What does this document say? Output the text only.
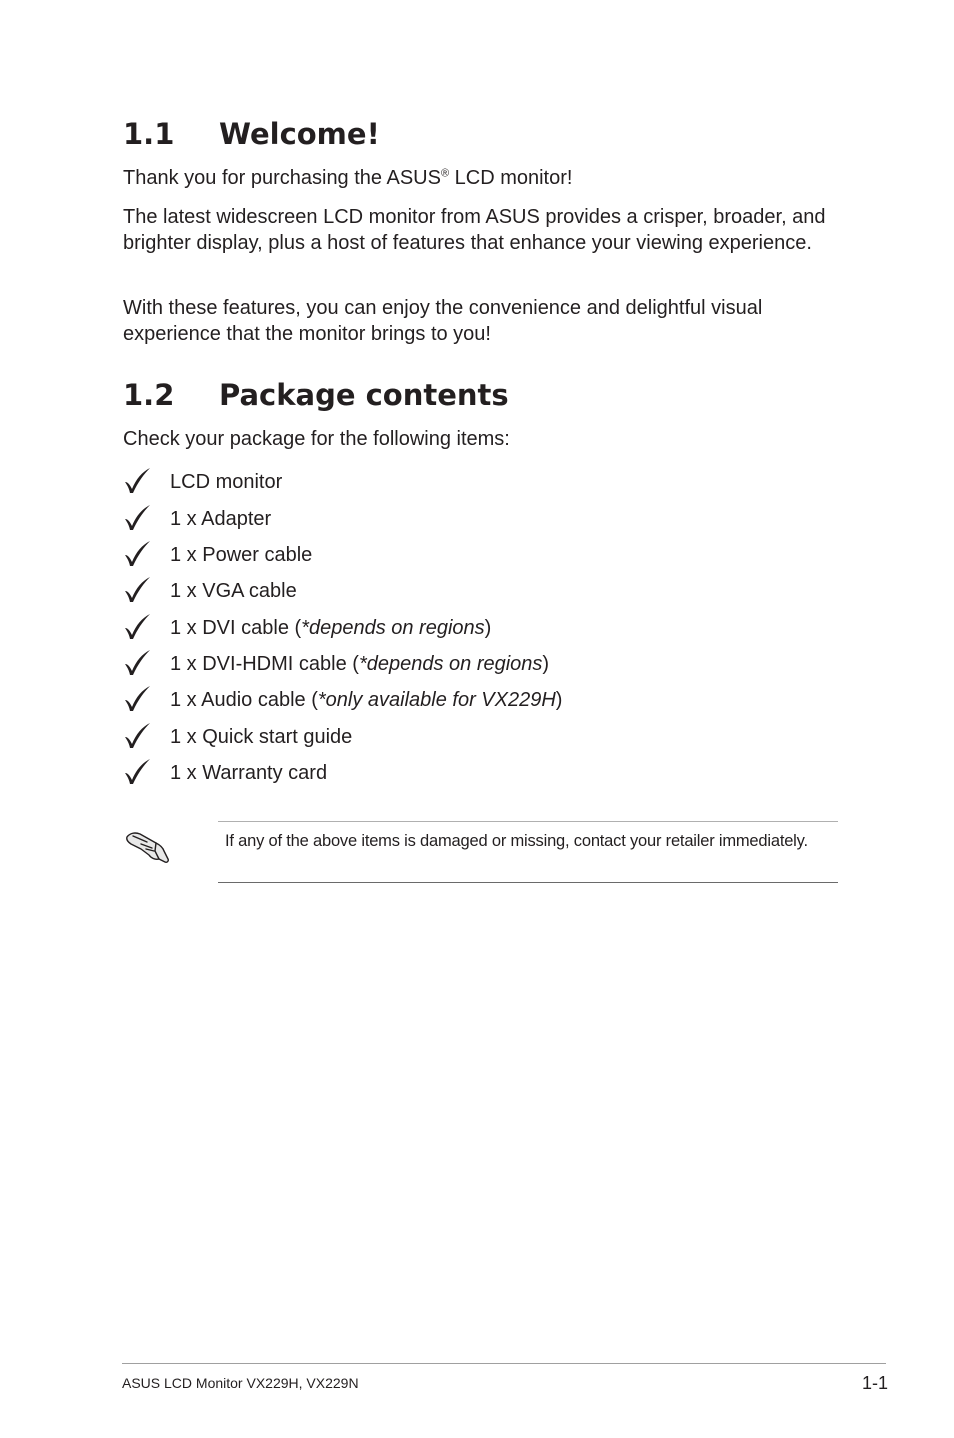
1.1 Welcome!

Thank you for purchasing the ASUS® LCD monitor!

The latest widescreen LCD monitor from ASUS provides a crisper, broader, and brighter display, plus a host of features that enhance your viewing experience.

With these features, you can enjoy the convenience and delightful visual experience that the monitor brings to you!

1.2 Package contents

Check your package for the following items:

LCD monitor
1 x Adapter
1 x Power cable
1 x VGA cable
1 x DVI cable (*depends on regions)
1 x DVI-HDMI cable (*depends on regions)
1 x Audio cable (*only available for VX229H)
1 x Quick start guide
1 x Warranty card

If any of the above items is damaged or missing, contact your retailer immediately.

ASUS LCD Monitor VX229H, VX229N	1-1
